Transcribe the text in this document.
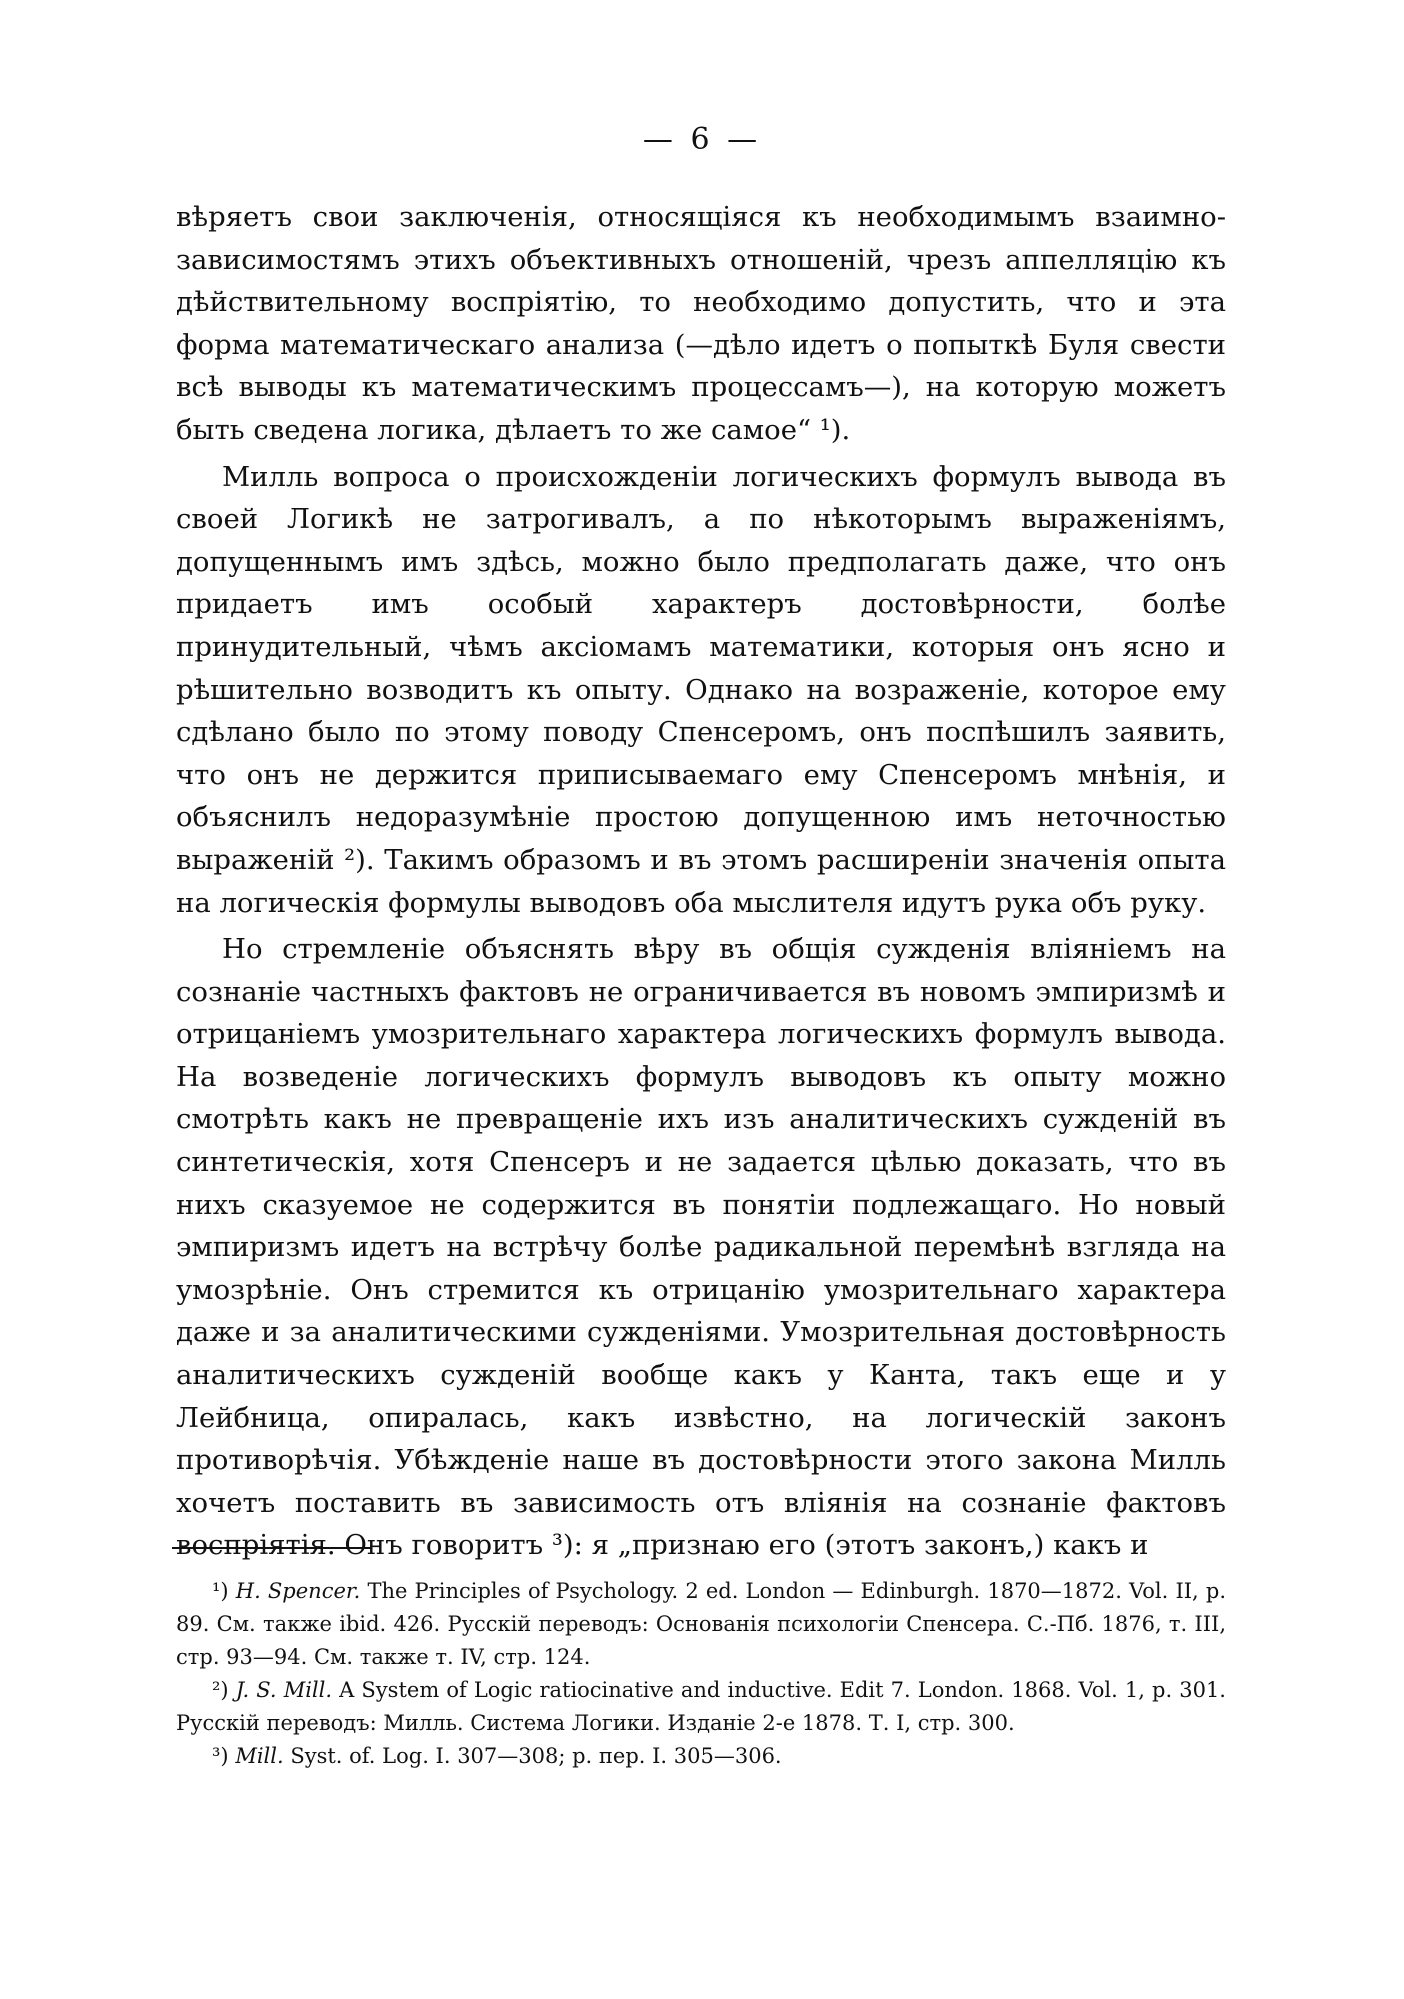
— 6 —

вѣряетъ свои заключенія, относящіяся къ необходимымъ взаимно-зависимостямъ этихъ объективныхъ отношеній, чрезъ аппелляцію къ дѣйствительному воспріятію, то необходимо допустить, что и эта форма математическаго анализа (—дѣло идетъ о попыткѣ Буля свести всѣ выводы къ математическимъ процессамъ—), на которую можетъ быть сведена логика, дѣлаетъ то же самое“ ¹).

Милль вопроса о происхожденіи логическихъ формулъ вывода въ своей Логикѣ не затрогивалъ, а по нѣкоторымъ выраженіямъ, допущеннымъ имъ здѣсь, можно было предполагать даже, что онъ придаетъ имъ особый характеръ достовѣрности, болѣе принудительный, чѣмъ аксіомамъ математики, которыя онъ ясно и рѣшительно возводитъ къ опыту. Однако на возраженіе, которое ему сдѣлано было по этому поводу Спенсеромъ, онъ поспѣшилъ заявить, что онъ не держится приписываемаго ему Спенсеромъ мнѣнія, и объяснилъ недоразумѣніе простою допущенною имъ неточностью выраженій ²). Такимъ образомъ и въ этомъ расширеніи значенія опыта на логическія формулы выводовъ оба мыслителя идутъ рука объ руку.

Но стремленіе объяснять вѣру въ общія сужденія вліяніемъ на сознаніе частныхъ фактовъ не ограничивается въ новомъ эмпиризмѣ и отрицаніемъ умозрительнаго характера логическихъ формулъ вывода. На возведеніе логическихъ формулъ выводовъ къ опыту можно смотрѣть какъ не превращеніе ихъ изъ аналитическихъ сужденій въ синтетическія, хотя Спенсеръ и не задается цѣлью доказать, что въ нихъ сказуемое не содержится въ понятіи подлежащаго. Но новый эмпиризмъ идетъ на встрѣчу болѣе радикальной перемѣнѣ взгляда на умозрѣніе. Онъ стремится къ отрицанію умозрительнаго характера даже и за аналитическими сужденіями. Умозрительная достовѣрность аналитическихъ сужденій вообще какъ у Канта, такъ еще и у Лейбница, опиралась, какъ извѣстно, на логическій законъ противорѣчія. Убѣжденіе наше въ достовѣрности этого закона Милль хочетъ поставить въ зависимость отъ вліянія на сознаніе фактовъ воспріятія. Онъ говоритъ ³): я „признаю его (этотъ законъ,) какъ и

¹) H. Spencer. The Principles of Psychology. 2 ed. London — Edinburgh. 1870—1872. Vol. II, p. 89. См. также ibid. 426. Русскій переводъ: Основанія психологіи Спенсера. С.-Пб. 1876, т. III, стр. 93—94. См. также т. IV, стр. 124.

²) J. S. Mill. A System of Logic ratiocinative and inductive. Edit 7. London. 1868. Vol. 1, p. 301. Русскій переводъ: Милль. Система Логики. Изданіе 2-е 1878. Т. I, стр. 300.

³) Mill. Syst. of. Log. I. 307—308; р. пер. I. 305—306.
